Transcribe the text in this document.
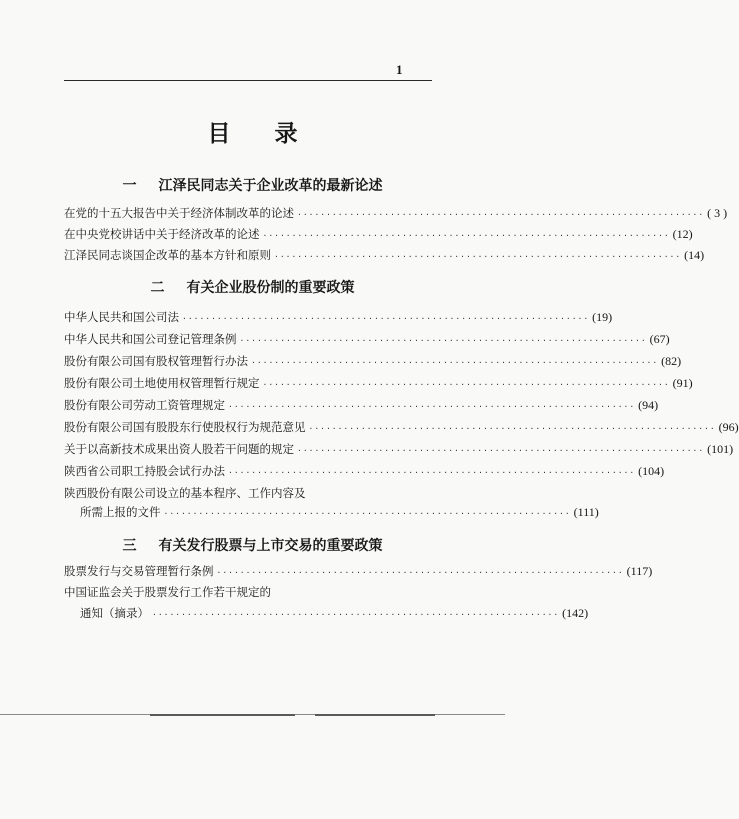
1
目录
一 江泽民同志关于企业改革的最新论述
在党的十五大报告中关于经济体制改革的论述 ······································································ ( 3 )
在中央党校讲话中关于经济改革的论述 ······································································ (12)
江泽民同志谈国企改革的基本方针和原则 ······································································ (14)
二 有关企业股份制的重要政策
中华人民共和国公司法 ······································································ (19)
中华人民共和国公司登记管理条例 ······································································ (67)
股份有限公司国有股权管理暂行办法 ······································································ (82)
股份有限公司土地使用权管理暂行规定 ······································································ (91)
股份有限公司劳动工资管理规定 ······································································ (94)
股份有限公司国有股股东行使股权行为规范意见 ······································································ (96)
关于以高新技术成果出资人股若干问题的规定 ······································································ (101)
陕西省公司职工持股会试行办法 ······································································ (104)
陕西股份有限公司设立的基本程序、工作内容及
所需上报的文件 ······································································ (111)
三 有关发行股票与上市交易的重要政策
股票发行与交易管理暂行条例 ······································································ (117)
中国证监会关于股票发行工作若干规定的
通知（摘录） ······································································ (142)
